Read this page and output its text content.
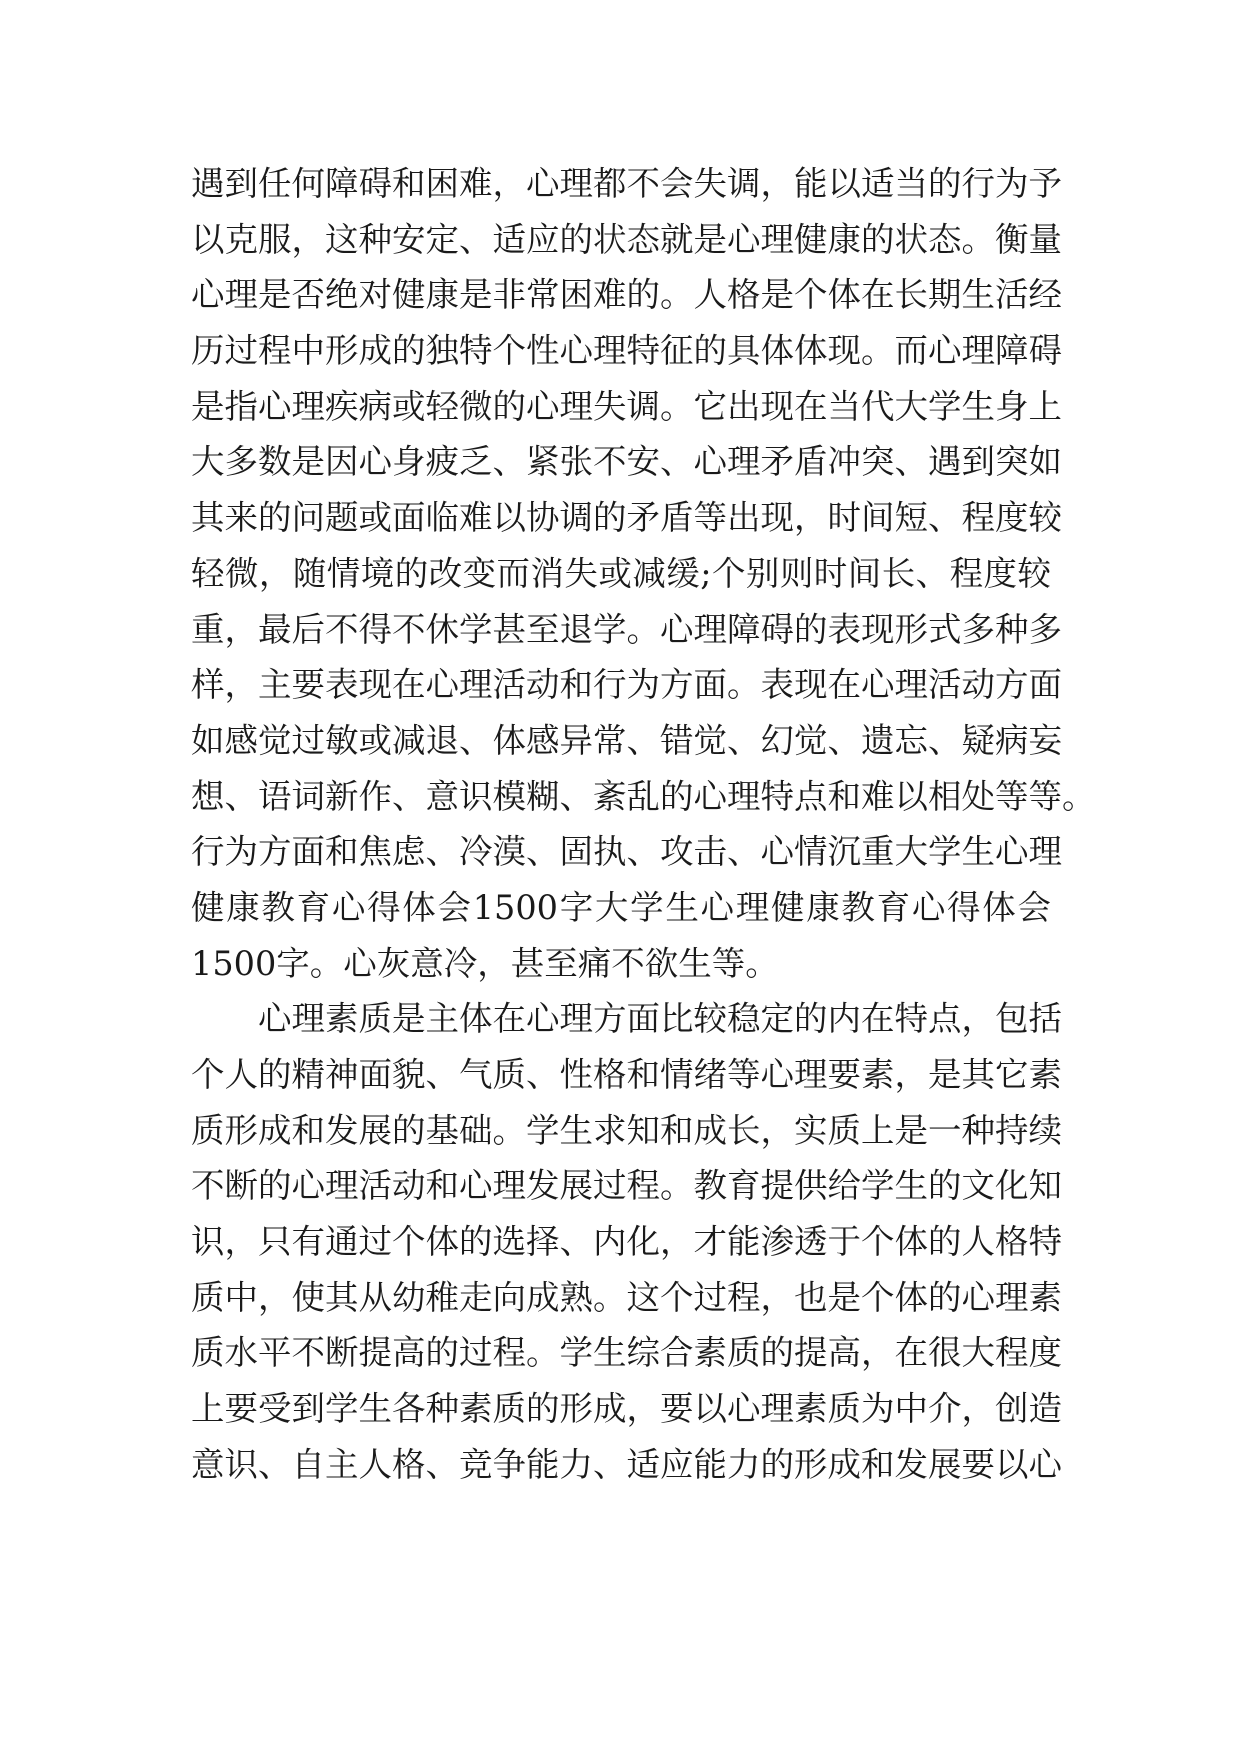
遇到任何障碍和困难，心理都不会失调，能以适当的行为予
以克服，这种安定、适应的状态就是心理健康的状态。衡量
心理是否绝对健康是非常困难的。人格是个体在长期生活经
历过程中形成的独特个性心理特征的具体体现。而心理障碍
是指心理疾病或轻微的心理失调。它出现在当代大学生身上
大多数是因心身疲乏、紧张不安、心理矛盾冲突、遇到突如
其来的问题或面临难以协调的矛盾等出现，时间短、程度较
轻微，随情境的改变而消失或减缓;个别则时间长、程度较
重，最后不得不休学甚至退学。心理障碍的表现形式多种多
样，主要表现在心理活动和行为方面。表现在心理活动方面
如感觉过敏或减退、体感异常、错觉、幻觉、遗忘、疑病妄
想、语词新作、意识模糊、紊乱的心理特点和难以相处等等。
行为方面和焦虑、冷漠、固执、攻击、心情沉重大学生心理
健康教育心得体会1500字大学生心理健康教育心得体会
1500字。心灰意冷，甚至痛不欲生等。
心理素质是主体在心理方面比较稳定的内在特点，包括
个人的精神面貌、气质、性格和情绪等心理要素，是其它素
质形成和发展的基础。学生求知和成长，实质上是一种持续
不断的心理活动和心理发展过程。教育提供给学生的文化知
识，只有通过个体的选择、内化，才能渗透于个体的人格特
质中，使其从幼稚走向成熟。这个过程，也是个体的心理素
质水平不断提高的过程。学生综合素质的提高，在很大程度
上要受到学生各种素质的形成，要以心理素质为中介，创造
意识、自主人格、竞争能力、适应能力的形成和发展要以心
